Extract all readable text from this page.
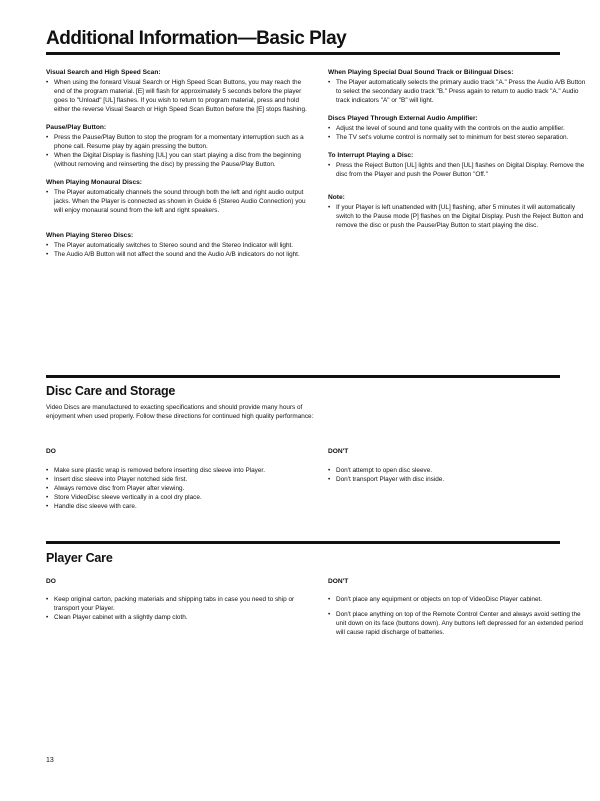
Additional Information—Basic Play
Visual Search and High Speed Scan:
• When using the forward Visual Search or High Speed Scan Buttons, you may reach the end of the program material. [E] will flash for approximately 5 seconds before the player goes to "Unload" [UL] flashes. If you wish to return to program material, press and hold either the reverse Visual Search or High Speed Scan Button before the [E] stops flashing.
Pause/Play Button:
• Press the Pause/Play Button to stop the program for a momentary interruption such as a phone call. Resume play by again pressing the button.
• When the Digital Display is flashing [UL] you can start playing a disc from the beginning (without removing and reinserting the disc) by pressing the Pause/Play Button.
When Playing Monaural Discs:
• The Player automatically channels the sound through both the left and right audio output jacks. When the Player is connected as shown in Guide 6 (Stereo Audio Connection) you will enjoy monaural sound from the left and right speakers.
When Playing Stereo Discs:
• The Player automatically switches to Stereo sound and the Stereo Indicator will light.
• The Audio A/B Button will not affect the sound and the Audio A/B indicators do not light.
When Playing Special Dual Sound Track or Bilingual Discs:
• The Player automatically selects the primary audio track "A." Press the Audio A/B Button to select the secondary audio track "B." Press again to return to audio track "A." Audio track indicators "A" or "B" will light.
Discs Played Through External Audio Amplifier:
• Adjust the level of sound and tone quality with the controls on the audio amplifier.
• The TV set's volume control is normally set to minimum for best stereo separation.
To Interrupt Playing a Disc:
• Press the Reject Button [UL] lights and then [UL] flashes on Digital Display. Remove the disc from the Player and push the Power Button "Off."
Note:
• If your Player is left unattended with [UL] flashing, after 5 minutes it will automatically switch to the Pause mode [P] flashes on the Digital Display. Push the Reject Button and remove the disc or push the Pause/Play Button to start playing the disc.
Disc Care and Storage
Video Discs are manufactured to exacting specifications and should provide many hours of enjoyment when used properly. Follow these directions for continued high quality performance:
DO
• Make sure plastic wrap is removed before inserting disc sleeve into Player.
• Insert disc sleeve into Player notched side first.
• Always remove disc from Player after viewing.
• Store VideoDisc sleeve vertically in a cool dry place.
• Handle disc sleeve with care.
DON'T
• Don't attempt to open disc sleeve.
• Don't transport Player with disc inside.
Player Care
DO
• Keep original carton, packing materials and shipping tabs in case you need to ship or transport your Player.
• Clean Player cabinet with a slightly damp cloth.
DON'T
• Don't place any equipment or objects on top of VideoDisc Player cabinet.
• Don't place anything on top of the Remote Control Center and always avoid setting the unit down on its face (buttons down). Any buttons left depressed for an extended period will cause rapid discharge of batteries.
13
